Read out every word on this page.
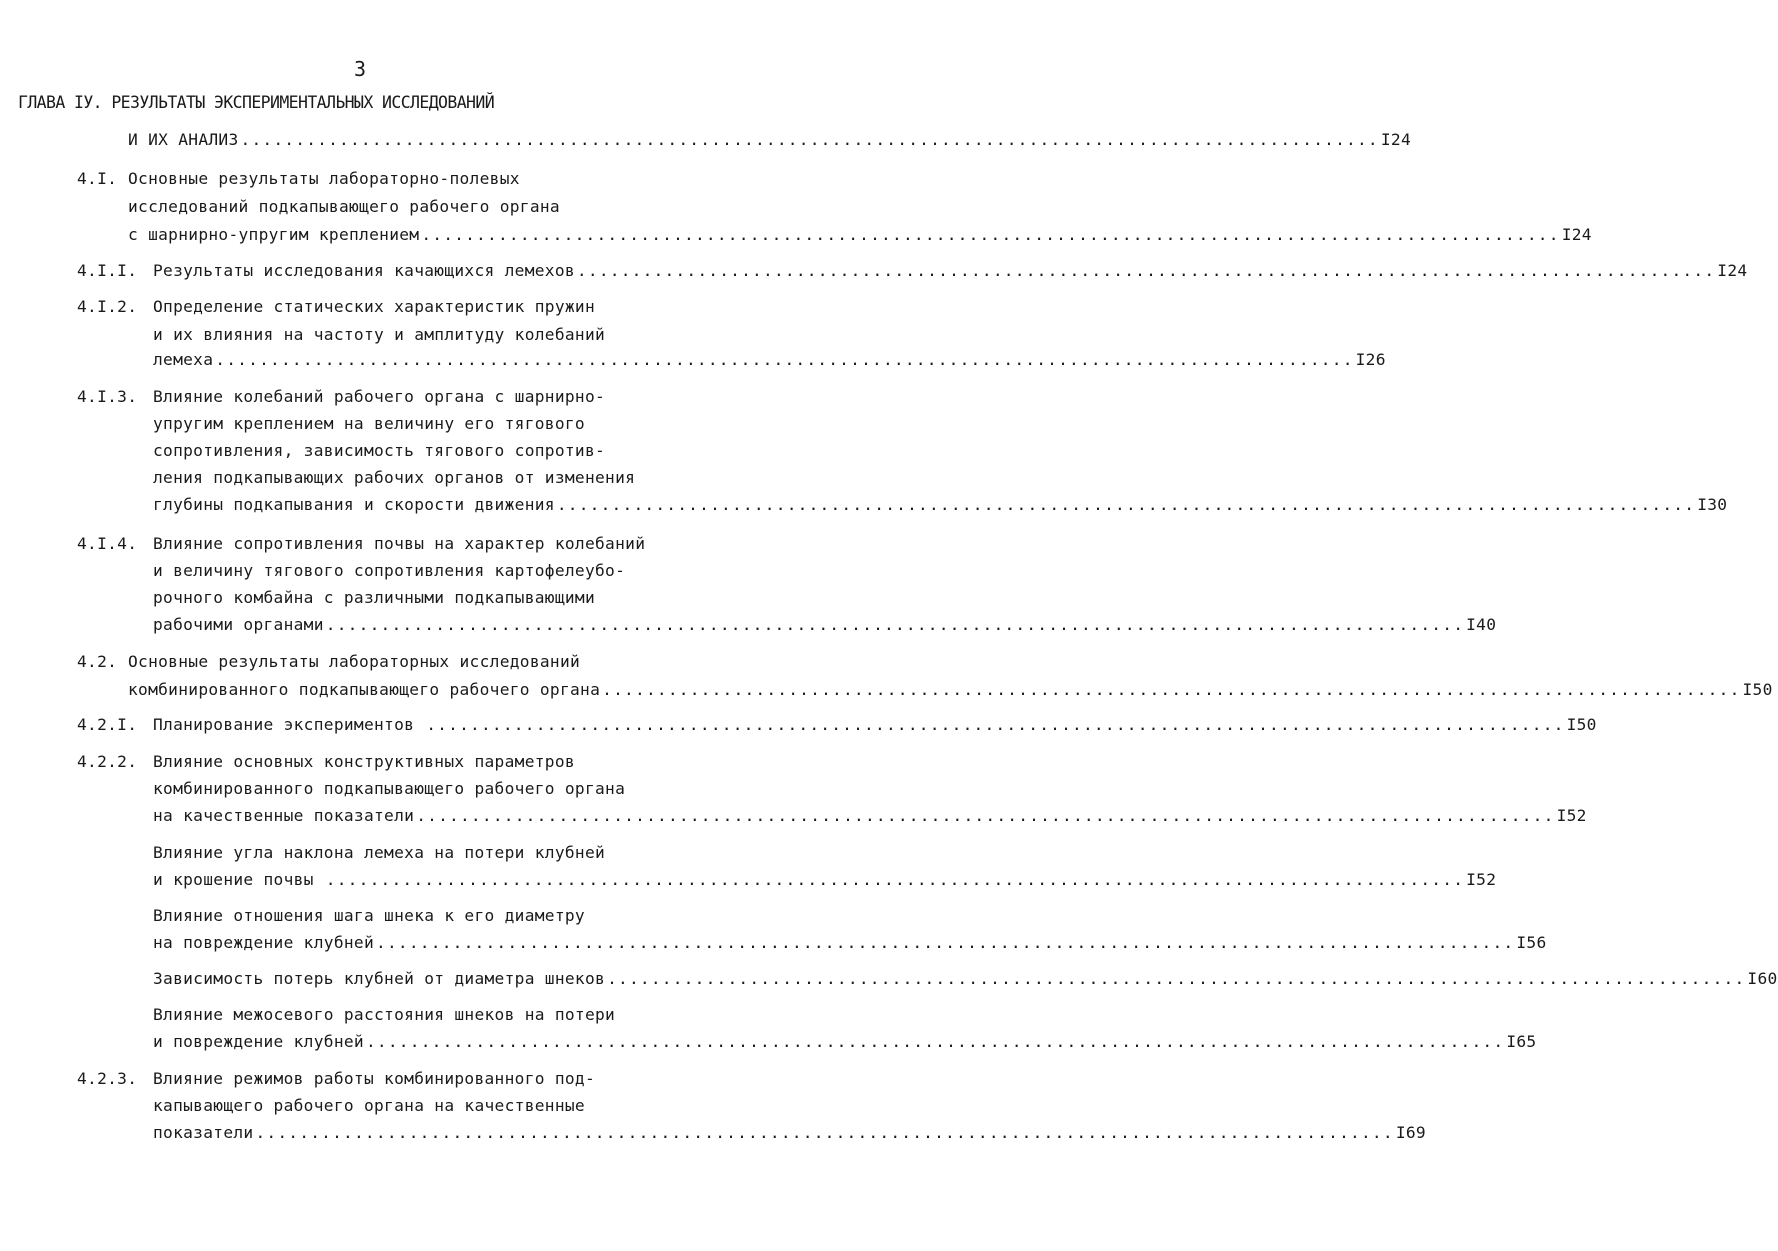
3
ГЛАВА IУ. РЕЗУЛЬТАТЫ ЭКСПЕРИМЕНТАЛЬНЫХ ИССЛЕДОВАНИЙ
И ИХ АНАЛИЗ ........................................................................................................ I24
4.I. Основные результаты лабораторно-полевых
исследований подкапывающего рабочего органа
с шарнирно-упругим креплением ........................................................................................................ I24
4.I.I. Результаты исследования качающихся лемехов ........................................................................................................ I24
4.I.2. Определение статических характеристик пружин
и их влияния на частоту и амплитуду колебаний
лемеха ........................................................................................................ I26
4.I.3. Влияние колебаний рабочего органа с шарнирно-
упругим креплением на величину его тягового
сопротивления, зависимость тягового сопротив-
ления подкапывающих рабочих органов от изменения
глубины подкапывания и скорости движения ........................................................................................................ I30
4.I.4. Влияние сопротивления почвы на характер колебаний
и величину тягового сопротивления картофелеубо-
рочного комбайна с различными подкапывающими
рабочими органами ........................................................................................................ I40
4.2. Основные результаты лабораторных исследований
комбинированного подкапывающего рабочего органа ........................................................................................................ I50
4.2.I. Планирование экспериментов ........................................................................................................ I50
4.2.2. Влияние основных конструктивных параметров
комбинированного подкапывающего рабочего органа
на качественные показатели ........................................................................................................ I52
Влияние угла наклона лемеха на потери клубней
и крошение почвы ........................................................................................................ I52
Влияние отношения шага шнека к его диаметру
на повреждение клубней ........................................................................................................ I56
Зависимость потерь клубней от диаметра шнеков ........................................................................................................ I60
Влияние межосевого расстояния шнеков на потери
и повреждение клубней ........................................................................................................ I65
4.2.3. Влияние режимов работы комбинированного под-
капывающего рабочего органа на качественные
показатели ........................................................................................................ I69
